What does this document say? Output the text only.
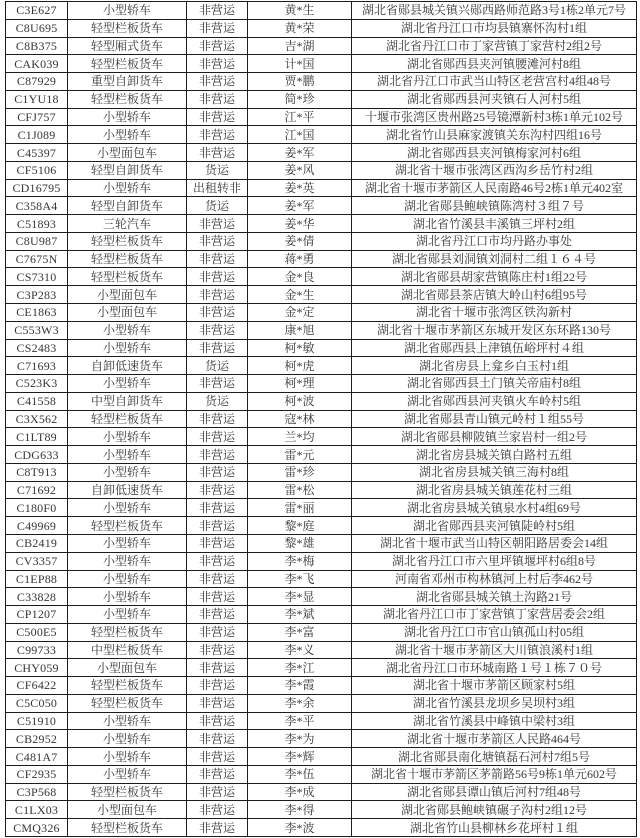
C3E627	小型轿车	非营运	黄*生	湖北省郧县城关镇兴郧西路师范路3号1栋2单元7号
C8U695	轻型栏板货车	非营运	黄*荣	湖北省丹江口市均县镇寨怀沟村1组
C8B375	轻型厢式货车	非营运	吉*湖	湖北省丹江口市丁家营镇丁家营村2组2号
CAK039	轻型栏板货车	非营运	计*国	湖北省郧西县夹河镇腰滩河村8组
C87929	重型自卸货车	非营运	贾*鹏	湖北省丹江口市武当山特区老营宫村4组48号
C1YU18	轻型栏板货车	非营运	简*珍	湖北省郧西县河夹镇石人河村5组
CFJ757	小型轿车	非营运	江*平	十堰市张湾区贵州路25号镜潭新村3栋1单元102号
C1J089	小型轿车	非营运	江*国	湖北省竹山县麻家渡镇关东沟村四组16号
C45397	小型面包车	非营运	姜*军	湖北省郧西县夹河镇梅家河村6组
CF5106	轻型自卸货车	货运	姜*风	湖北省十堰市张湾区西沟乡岳竹村2组
CD16795	小型轿车	出租转非	姜*英	湖北省十堰市茅箭区人民南路46号2栋1单元402室
C358A4	轻型自卸货车	货运	姜*军	湖北省郧县鲍峡镇陈湾村３组７号
C51893	三轮汽车	非营运	姜*华	湖北省竹溪县丰溪镇三坪村2组
C8U987	轻型栏板货车	非营运	姜*倩	湖北省丹江口市均丹路办事处
C7675N	轻型栏板货车	非营运	蒋*勇	湖北省郧县刘洞镇刘洞村二组１６４号
CS7310	轻型栏板货车	非营运	金*良	湖北省郧县胡家营镇陈庄村1组22号
C3P283	小型面包车	非营运	金*生	湖北省郧县茶店镇大岭山村6组95号
CE1863	小型面包车	非营运	金*定	湖北省十堰市张湾区铁沟新村
C553W3	小型轿车	非营运	康*旭	湖北省十堰市茅箭区东城开发区东环路130号
CS2483	小型轿车	非营运	柯*敏	湖北省郧西县上津镇伍峪坪村４组
C71693	自卸低速货车	货运	柯*虎	湖北省房县上龛乡白玉村1组
C523K3	小型轿车	非营运	柯*理	湖北省郧西县土门镇关帝庙村8组
C41558	中型自卸货车	货运	柯*波	湖北省郧西县河夹镇火车岭村5组
C3X562	轻型栏板货车	非营运	寇*林	湖北省郧县青山镇元岭村１组55号
C1LT89	小型轿车	非营运	兰*均	湖北省郧县柳陂镇兰家岩村一组2号
CDG633	小型轿车	非营运	雷*元	湖北省房县城关镇白路村五组
C8T913	小型轿车	非营运	雷*珍	湖北省房县城关镇三海村8组
C71692	自卸低速货车	非营运	雷*松	湖北省房县城关镇莲花村三组
C180F0	小型轿车	非营运	雷*丽	湖北省房县城关镇泉水村4组69号
C49969	轻型栏板货车	非营运	黎*庭	湖北省郧西县夹河镇陡岭村5组
CB2419	小型轿车	非营运	黎*雄	湖北省十堰市武当山特区朝阳路居委会14组
CV3357	小型轿车	非营运	李*梅	湖北省丹江口市六里坪镇堰坪村6组8号
C1EP88	小型轿车	非营运	李*飞	河南省邓州市构林镇河上村后李462号
C33828	小型轿车	非营运	李*显	湖北省郧县城关镇土沟路21号
CP1207	小型轿车	非营运	李*斌	湖北省丹江口市丁家营镇丁家营居委会2组
C500E5	轻型栏板货车	非营运	李*富	湖北省丹江口市官山镇孤山村05组
C99733	中型栏板货车	非营运	李*义	湖北省十堰市茅箭区大川镇浪溪村1组
CHY059	小型面包车	非营运	李*江	湖北省丹江口市环城南路１号１栋７０号
CF6422	轻型栏板货车	非营运	李*霞	湖北省十堰市茅箭区顾家村5组
C5C050	轻型栏板货车	非营运	李*余	湖北省竹溪县龙坝乡吴坝村3组
C51910	小型轿车	非营运	李*平	湖北省竹溪县中峰镇中梁村3组
CB2952	小型轿车	非营运	李*为	湖北省十堰市茅箭区人民路464号
C481A7	小型轿车	非营运	李*辉	湖北省郧县南化塘镇磊石河村7组5号
CF2935	小型轿车	非营运	李*伍	湖北省十堰市茅箭区茅箭路56号9栋1单元602号
C3P568	轻型栏板货车	非营运	李*成	湖北省郧县谭山镇后河村7组48号
C1LX03	小型面包车	非营运	李*得	湖北省郧县鲍峡镇碾子沟村2组12号
CMQ326	轻型栏板货车	非营运	李*波	湖北省竹山县柳林乡花坪村１组
